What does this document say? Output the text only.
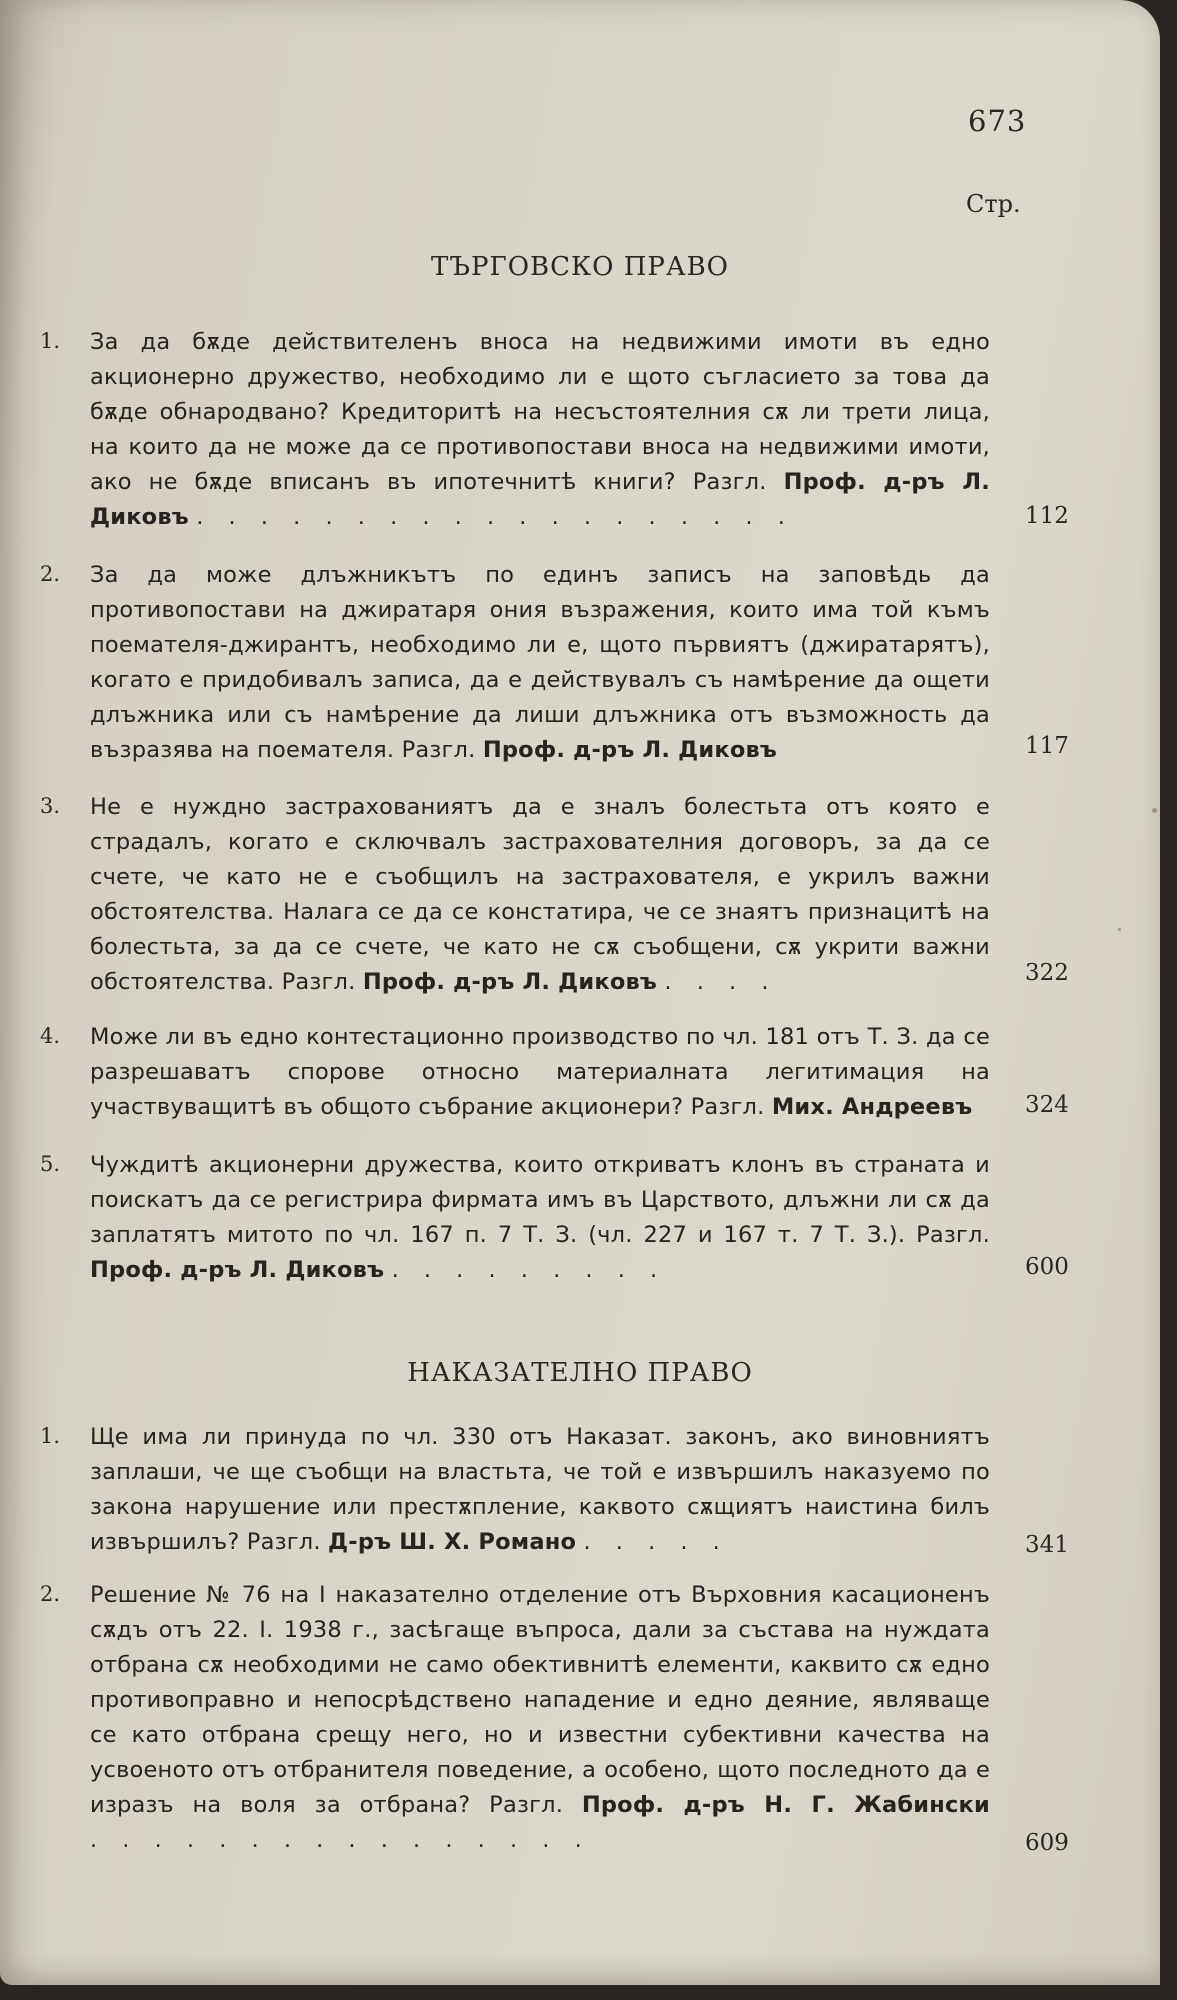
673
Стр.
ТЪРГОВСКО ПРАВО
1.	За да бѫде действителенъ вноса на недвижими имоти въ едно акционерно дружество, необходимо ли е щото съгласието за това да бѫде обнародвано? Кредиторитѣ на несъстоятелния сѫ ли трети лица, на които да не може да се противопостави вноса на недвижими имоти, ако не бѫде вписанъ въ ипотечнитѣ книги? Разгл. Проф. д-ръ Л. Диковъ . . . . . . . . . . . . . . . . . . .	112
2.	За да може длъжникътъ по единъ записъ на заповѣдь да противопостави на джиратаря ония възражения, които има той къмъ поемателя-джирантъ, необходимо ли е, щото първиятъ (джиратарятъ), когато е придобивалъ записа, да е действувалъ съ намѣрение да ощети длъжника или съ намѣрение да лиши длъжника отъ възможность да възразява на поемателя. Разгл. Проф. д-ръ Л. Диковъ	117
3.	Не е нуждно застрахованиятъ да е зналъ болестьта отъ която е страдалъ, когато е сключвалъ застрахователния договоръ, за да се счете, че като не е съобщилъ на застрахователя, е укрилъ важни обстоятелства. Налага се да се констатира, че се знаятъ признацитѣ на болестьта, за да се счете, че като не сѫ съобщени, сѫ укрити важни обстоятелства. Разгл. Проф. д-ръ Л. Диковъ . . . .	322
4.	Може ли въ едно контестационно производство по чл. 181 отъ Т. З. да се разрешаватъ спорове относно материалната легитимация на участвуващитѣ въ общото събрание акционери? Разгл. Мих. Андреевъ	324
5.	Чуждитѣ акционерни дружества, които откриватъ клонъ въ страната и поискатъ да се регистрира фирмата имъ въ Царството, длъжни ли сѫ да заплатятъ митото по чл. 167 п. 7 Т. З. (чл. 227 и 167 т. 7 Т. З.). Разгл. Проф. д-ръ Л. Диковъ . . . . . . . . .	600
НАКАЗАТЕЛНО ПРАВО
1.	Ще има ли принуда по чл. 330 отъ Наказат. законъ, ако виновниятъ заплаши, че ще съобщи на властьта, че той е извършилъ наказуемо по закона нарушение или престѫпление, каквото сѫщиятъ наистина билъ извършилъ? Разгл. Д-ръ Ш. Х. Романо . . . . .	341
2.	Решение № 76 на I наказателно отделение отъ Върховния касационенъ сѫдъ отъ 22. I. 1938 г., засѣгаще въпроса, дали за състава на нуждата отбрана сѫ необходими не само обективнитѣ елементи, каквито сѫ едно противоправно и непосрѣдствено нападение и едно деяние, являваще се като отбрана срещу него, но и известни субективни качества на усвоеното отъ отбранителя поведение, а особено, щото последното да е изразъ на воля за отбрана? Разгл. Проф. д-ръ Н. Г. Жабински . . . . . . . . . . . . . . . .	609
